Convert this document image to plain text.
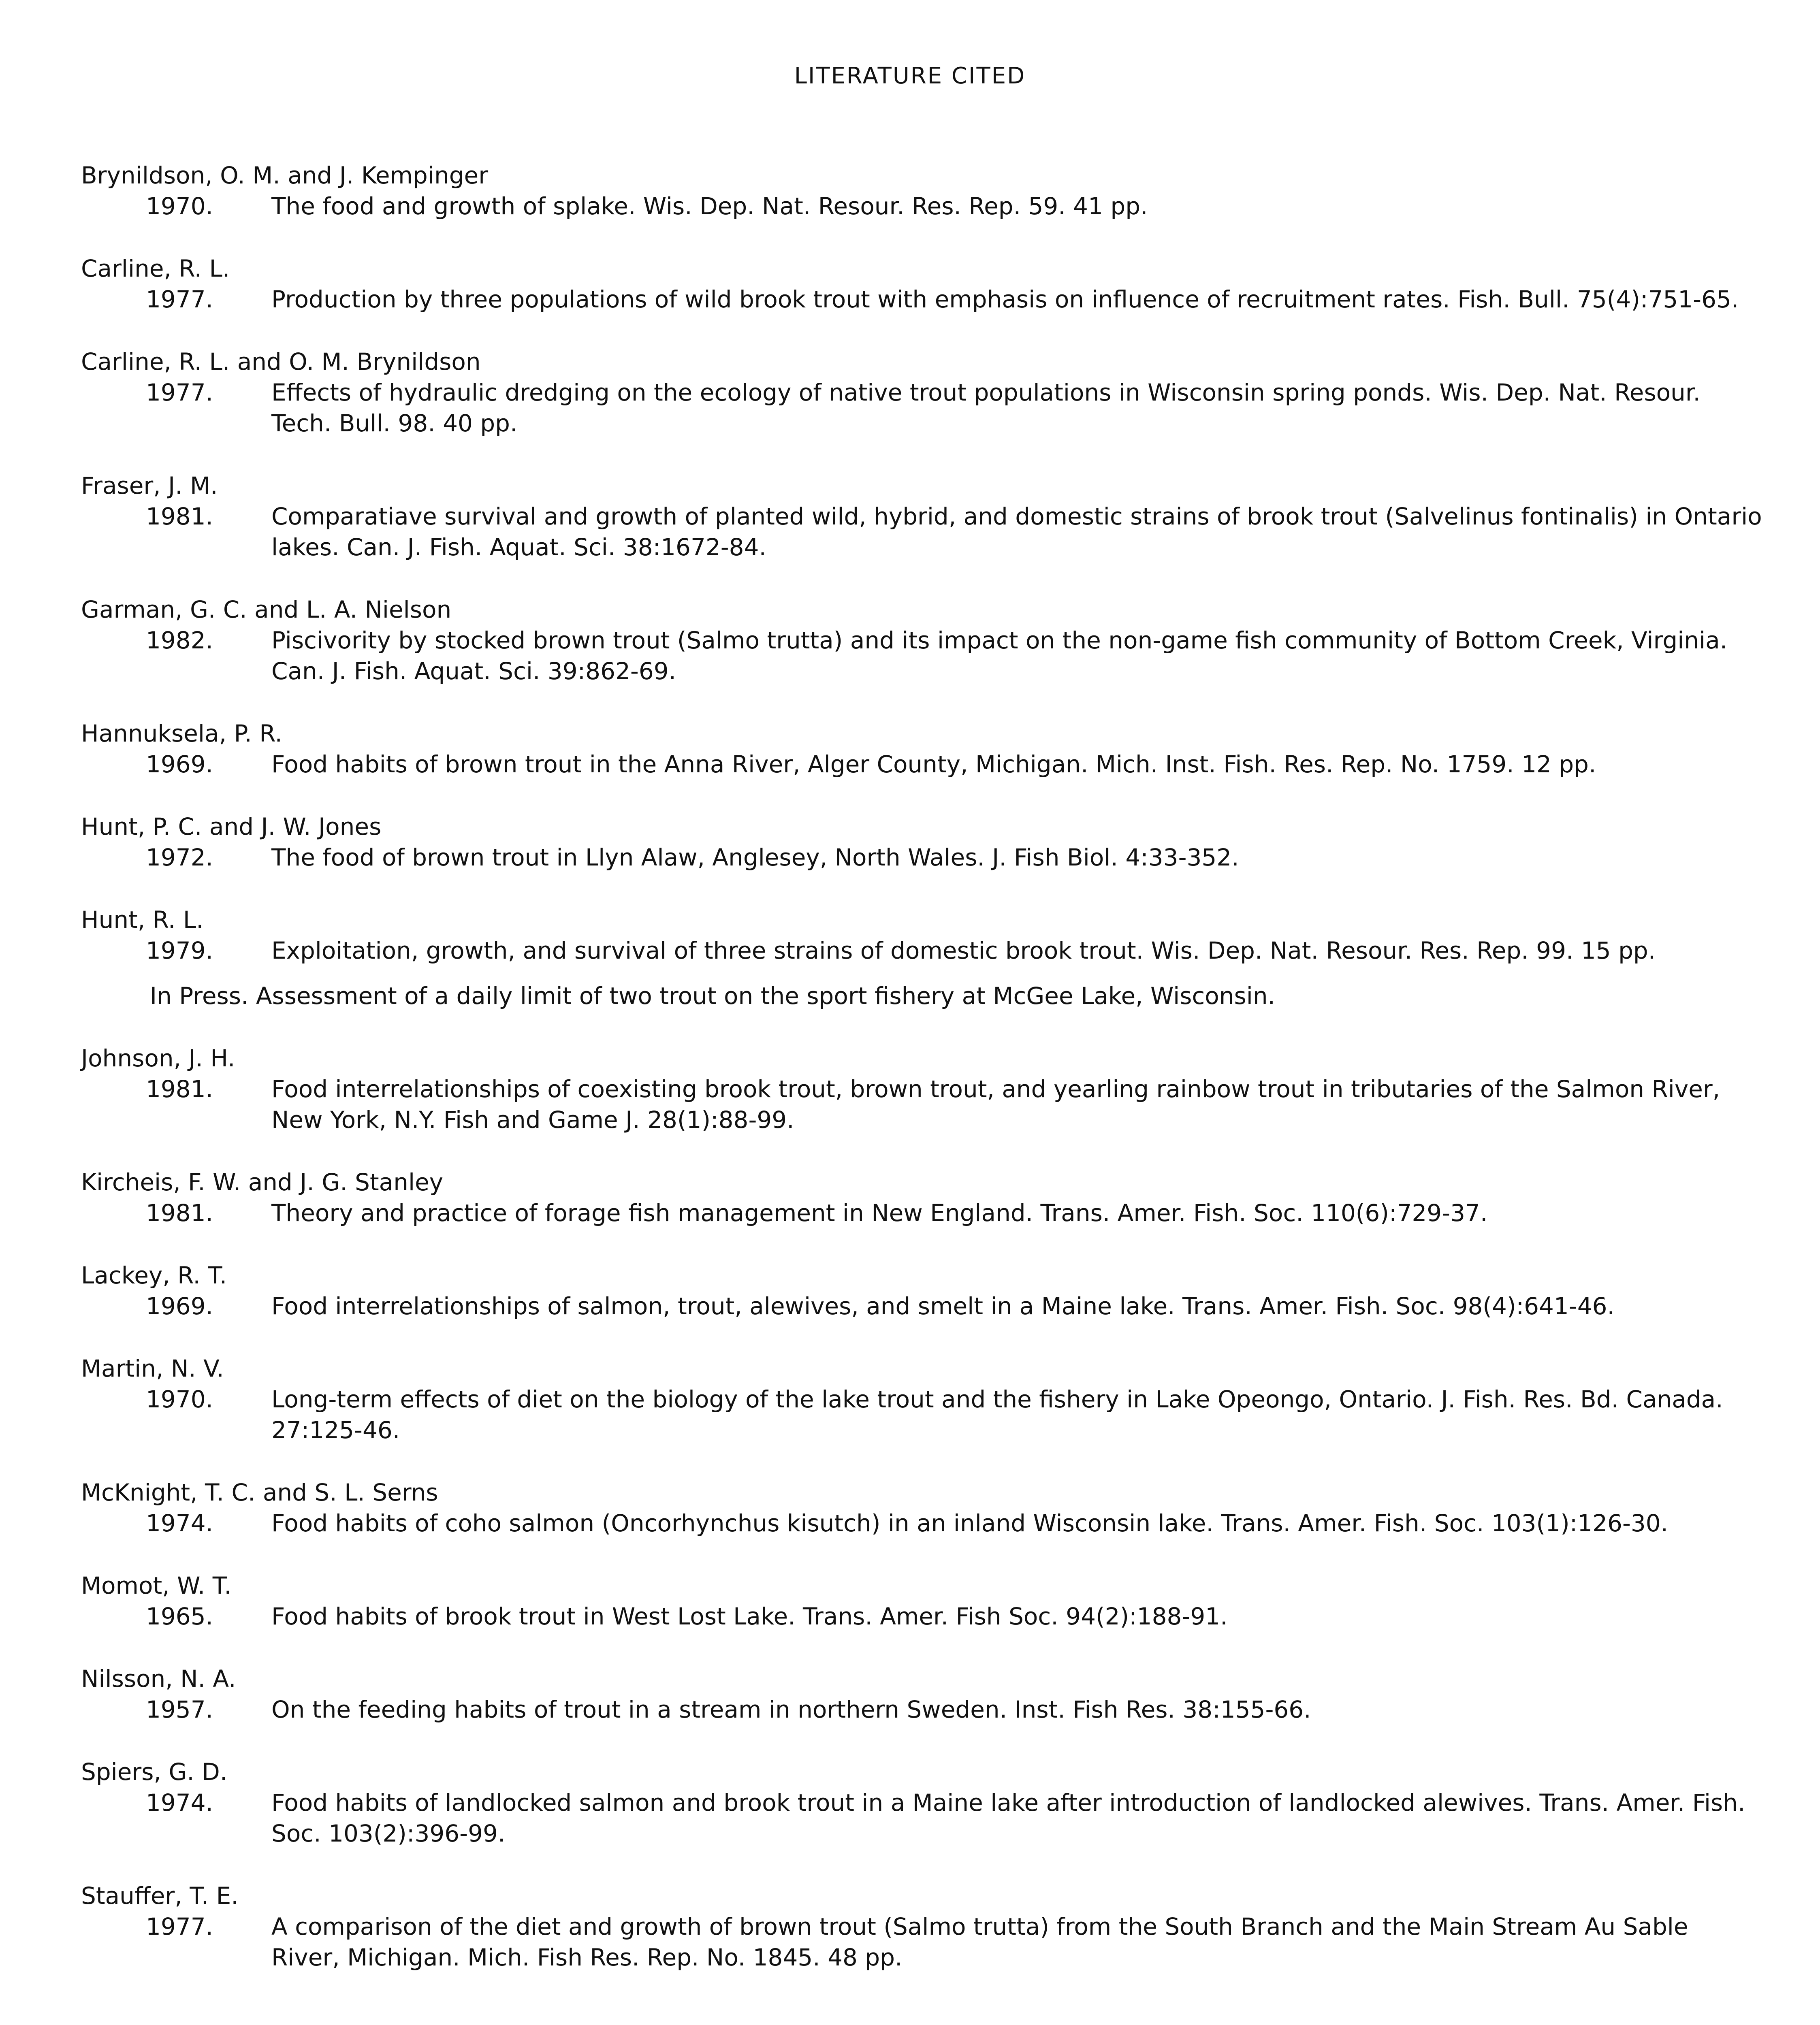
LITERATURE CITED
Brynildson, O. M. and J. Kempinger
1970.	The food and growth of splake. Wis. Dep. Nat. Resour. Res. Rep. 59. 41 pp.
Carline, R. L.
1977.	Production by three populations of wild brook trout with emphasis on influence of recruitment rates. Fish. Bull. 75(4):751-65.
Carline, R. L. and O. M. Brynildson
1977.	Effects of hydraulic dredging on the ecology of native trout populations in Wisconsin spring ponds. Wis. Dep. Nat. Resour. Tech. Bull. 98. 40 pp.
Fraser, J. M.
1981.	Comparatiave survival and growth of planted wild, hybrid, and domestic strains of brook trout (Salvelinus fontinalis) in Ontario lakes. Can. J. Fish. Aquat. Sci. 38:1672-84.
Garman, G. C. and L. A. Nielson
1982.	Piscivority by stocked brown trout (Salmo trutta) and its impact on the non-game fish community of Bottom Creek, Virginia. Can. J. Fish. Aquat. Sci. 39:862-69.
Hannuksela, P. R.
1969.	Food habits of brown trout in the Anna River, Alger County, Michigan. Mich. Inst. Fish. Res. Rep. No. 1759. 12 pp.
Hunt, P. C. and J. W. Jones
1972.	The food of brown trout in Llyn Alaw, Anglesey, North Wales. J. Fish Biol. 4:33-352.
Hunt, R. L.
1979.	Exploitation, growth, and survival of three strains of domestic brook trout. Wis. Dep. Nat. Resour. Res. Rep. 99. 15 pp.
In Press. Assessment of a daily limit of two trout on the sport fishery at McGee Lake, Wisconsin.
Johnson, J. H.
1981.	Food interrelationships of coexisting brook trout, brown trout, and yearling rainbow trout in tributaries of the Salmon River, New York, N.Y. Fish and Game J. 28(1):88-99.
Kircheis, F. W. and J. G. Stanley
1981.	Theory and practice of forage fish management in New England. Trans. Amer. Fish. Soc. 110(6):729-37.
Lackey, R. T.
1969.	Food interrelationships of salmon, trout, alewives, and smelt in a Maine lake. Trans. Amer. Fish. Soc. 98(4):641-46.
Martin, N. V.
1970.	Long-term effects of diet on the biology of the lake trout and the fishery in Lake Opeongo, Ontario. J. Fish. Res. Bd. Canada. 27:125-46.
McKnight, T. C. and S. L. Serns
1974.	Food habits of coho salmon (Oncorhynchus kisutch) in an inland Wisconsin lake. Trans. Amer. Fish. Soc. 103(1):126-30.
Momot, W. T.
1965.	Food habits of brook trout in West Lost Lake. Trans. Amer. Fish Soc. 94(2):188-91.
Nilsson, N. A.
1957.	On the feeding habits of trout in a stream in northern Sweden. Inst. Fish Res. 38:155-66.
Spiers, G. D.
1974.	Food habits of landlocked salmon and brook trout in a Maine lake after introduction of landlocked alewives. Trans. Amer. Fish. Soc. 103(2):396-99.
Stauffer, T. E.
1977.	A comparison of the diet and growth of brown trout (Salmo trutta) from the South Branch and the Main Stream Au Sable River, Michigan. Mich. Fish Res. Rep. No. 1845. 48 pp.
